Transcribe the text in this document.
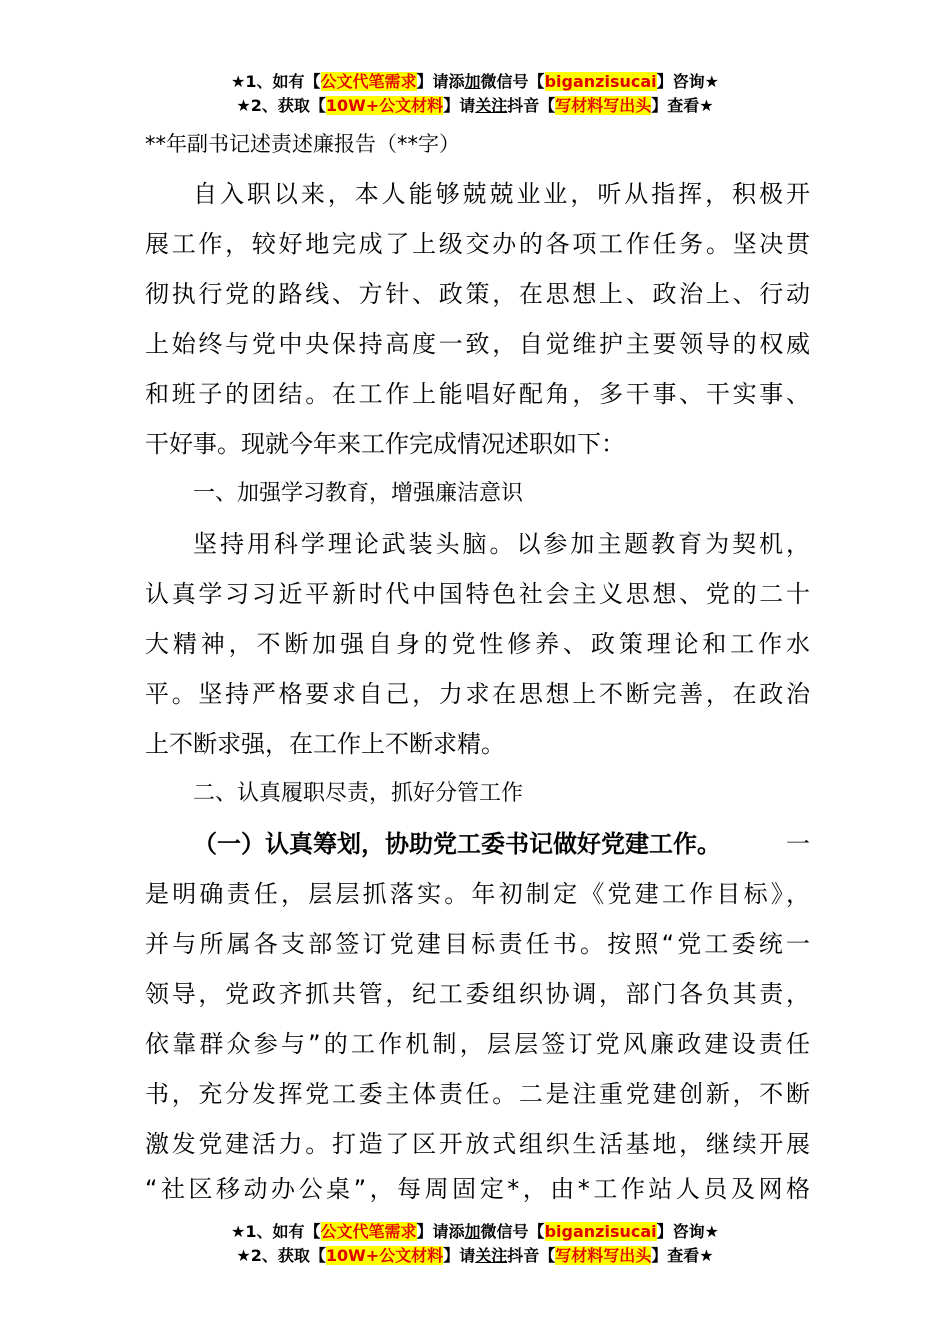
★1、如有【公文代笔需求】请添加微信号【biganzisucai】咨询★
★2、获取【10W+公文材料】请关注抖音【写材料写出头】查看★
**年副书记述责述廉报告（**字）
自入职以来，本人能够兢兢业业，听从指挥，积极开
展工作，较好地完成了上级交办的各项工作任务。坚决贯
彻执行党的路线、方针、政策，在思想上、政治上、行动
上始终与党中央保持高度一致，自觉维护主要领导的权威
和班子的团结。在工作上能唱好配角，多干事、干实事、
干好事。现就今年来工作完成情况述职如下：
一、加强学习教育，增强廉洁意识
坚持用科学理论武装头脑。以参加主题教育为契机，
认真学习习近平新时代中国特色社会主义思想、党的二十
大精神，不断加强自身的党性修养、政策理论和工作水
平。坚持严格要求自己，力求在思想上不断完善，在政治
上不断求强，在工作上不断求精。
二、认真履职尽责，抓好分管工作
（一）认真筹划，协助党工委书记做好党建工作。	一
是明确责任，层层抓落实。年初制定《党建工作目标》，
并与所属各支部签订党建目标责任书。按照“党工委统一
领导，党政齐抓共管，纪工委组织协调，部门各负其责，
依靠群众参与”的工作机制，层层签订党风廉政建设责任
书，充分发挥党工委主体责任。二是注重党建创新，不断
激发党建活力。打造了区开放式组织生活基地，继续开展
“社区移动办公桌”，每周固定*，由*工作站人员及网格
★1、如有【公文代笔需求】请添加微信号【biganzisucai】咨询★
★2、获取【10W+公文材料】请关注抖音【写材料写出头】查看★
